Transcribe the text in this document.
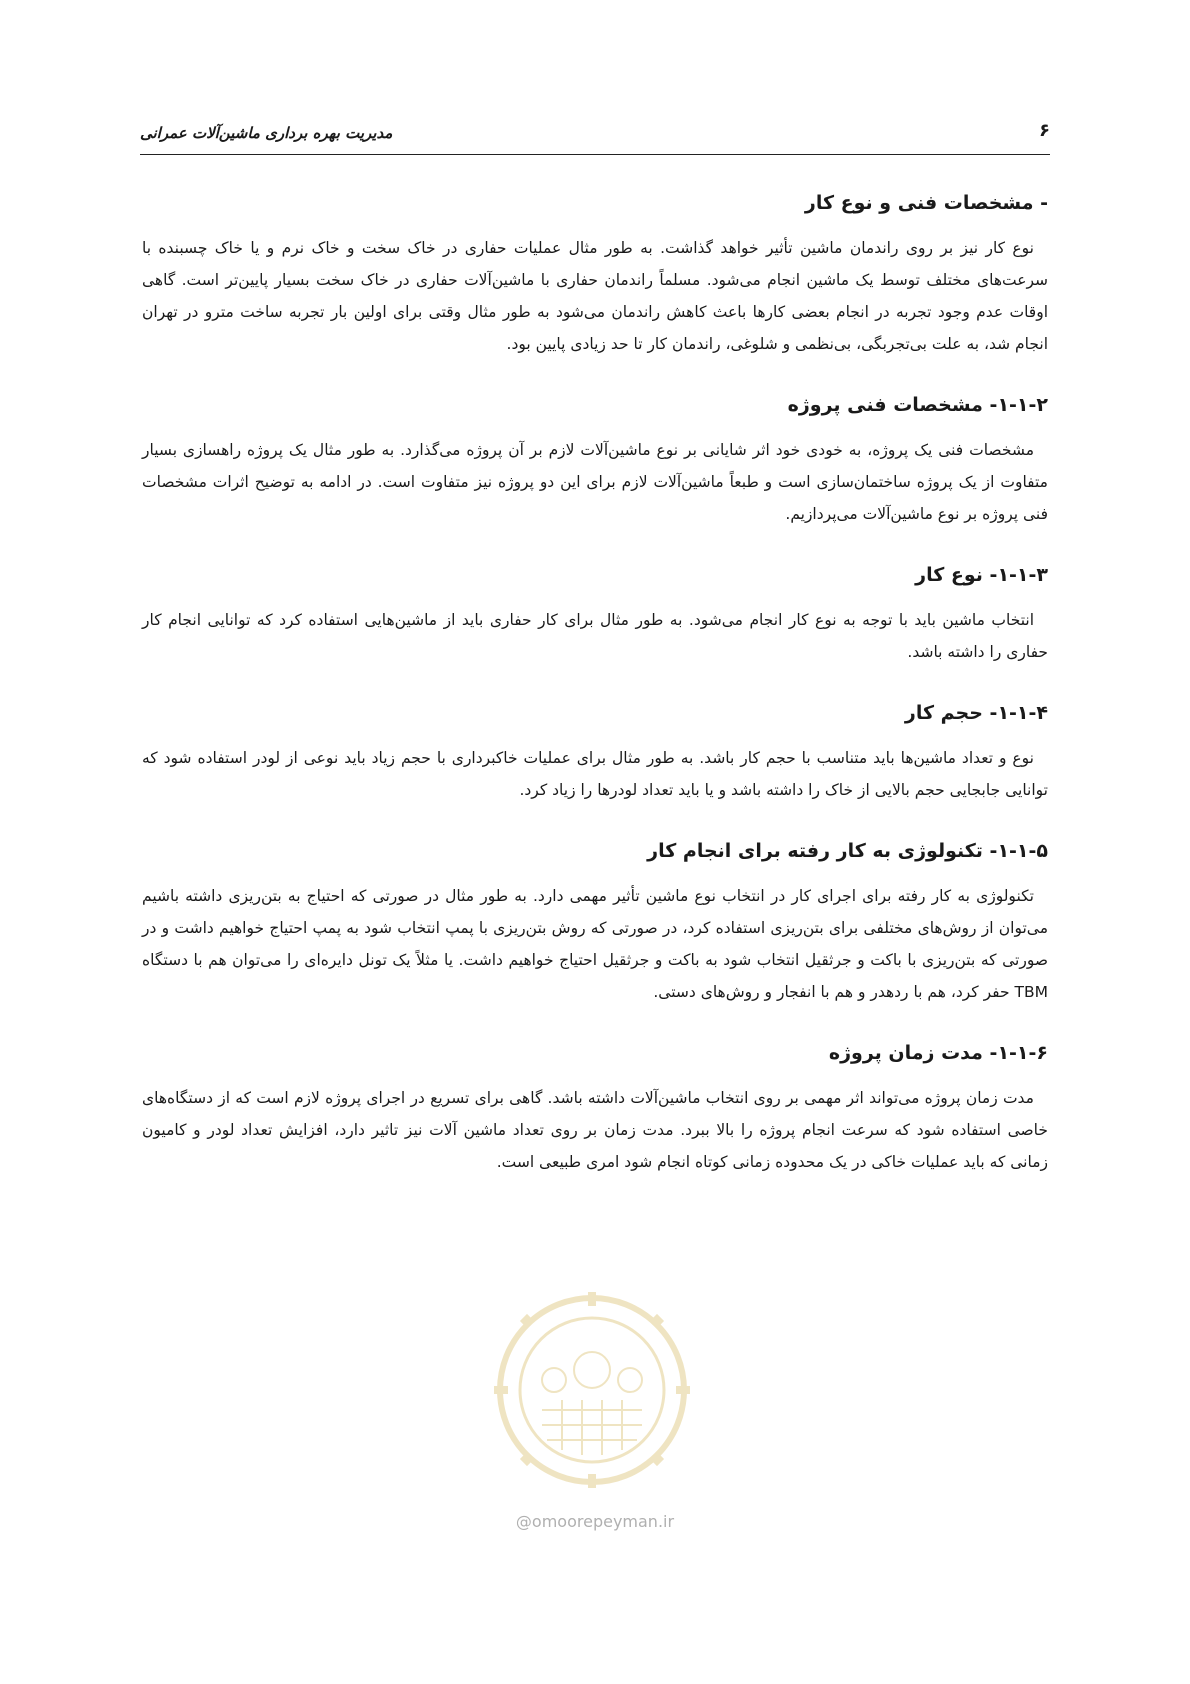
۶
مدیریت بهره برداری ماشین‌آلات عمرانی
- مشخصات فنی و نوع کار

نوع کار نیز بر روی راندمان ماشین تأثیر خواهد گذاشت. به طور مثال عملیات حفاری در خاک سخت و خاک نرم و یا خاک چسبنده با سرعت‌های مختلف توسط یک ماشین انجام می‌شود. مسلماً راندمان حفاری با ماشین‌آلات حفاری در خاک سخت بسیار پایین‌تر است. گاهی اوقات عدم وجود تجربه در انجام بعضی کارها باعث کاهش راندمان می‌شود به طور مثال وقتی برای اولین بار تجربه ساخت مترو در تهران انجام شد، به علت بی‌تجربگی، بی‌نظمی و شلوغی، راندمان کار تا حد زیادی پایین بود.

۱-۱-۲- مشخصات فنی پروژه

مشخصات فنی یک پروژه، به خودی خود اثر شایانی بر نوع ماشین‌آلات لازم بر آن پروژه می‌گذارد. به طور مثال یک پروژه راهسازی بسیار متفاوت از یک پروژه ساختمان‌سازی است و طبعاً ماشین‌آلات لازم برای این دو پروژه نیز متفاوت است. در ادامه به توضیح اثرات مشخصات فنی پروژه بر نوع ماشین‌آلات می‌پردازیم.

۱-۱-۳- نوع کار

انتخاب ماشین باید با توجه به نوع کار انجام می‌شود. به طور مثال برای کار حفاری باید از ماشین‌هایی استفاده کرد که توانایی انجام کار حفاری را داشته باشد.

۱-۱-۴- حجم کار

نوع و تعداد ماشین‌ها باید متناسب با حجم کار باشد. به طور مثال برای عملیات خاکبرداری با حجم زیاد باید نوعی از لودر استفاده شود که توانایی جابجایی حجم بالایی از خاک را داشته باشد و یا باید تعداد لودرها را زیاد کرد.

۱-۱-۵- تکنولوژی به کار رفته برای انجام کار

تکنولوژی به کار رفته برای اجرای کار در انتخاب نوع ماشین تأثیر مهمی دارد. به طور مثال در صورتی که احتیاج به بتن‌ریزی داشته باشیم می‌توان از روش‌های مختلفی برای بتن‌ریزی استفاده کرد، در صورتی که روش بتن‌ریزی با پمپ انتخاب شود به پمپ احتیاج خواهیم داشت و در صورتی که بتن‌ریزی با باکت و جرثقیل انتخاب شود به باکت و جرثقیل احتیاج خواهیم داشت. یا مثلاً یک تونل دایره‌ای را می‌توان هم با دستگاه TBM حفر کرد، هم با ردهدر و هم با انفجار و روش‌های دستی.

۱-۱-۶- مدت زمان پروژه

مدت زمان پروژه می‌تواند اثر مهمی بر روی انتخاب ماشین‌آلات داشته باشد. گاهی برای تسریع در اجرای پروژه لازم است که از دستگاه‌های خاصی استفاده شود که سرعت انجام پروژه را بالا ببرد. مدت زمان بر روی تعداد ماشین آلات نیز تاثیر دارد، افزایش تعداد لودر و کامیون زمانی که باید عملیات خاکی در یک محدوده زمانی کوتاه انجام شود امری طبیعی است.

@omoorepeyman.ir
